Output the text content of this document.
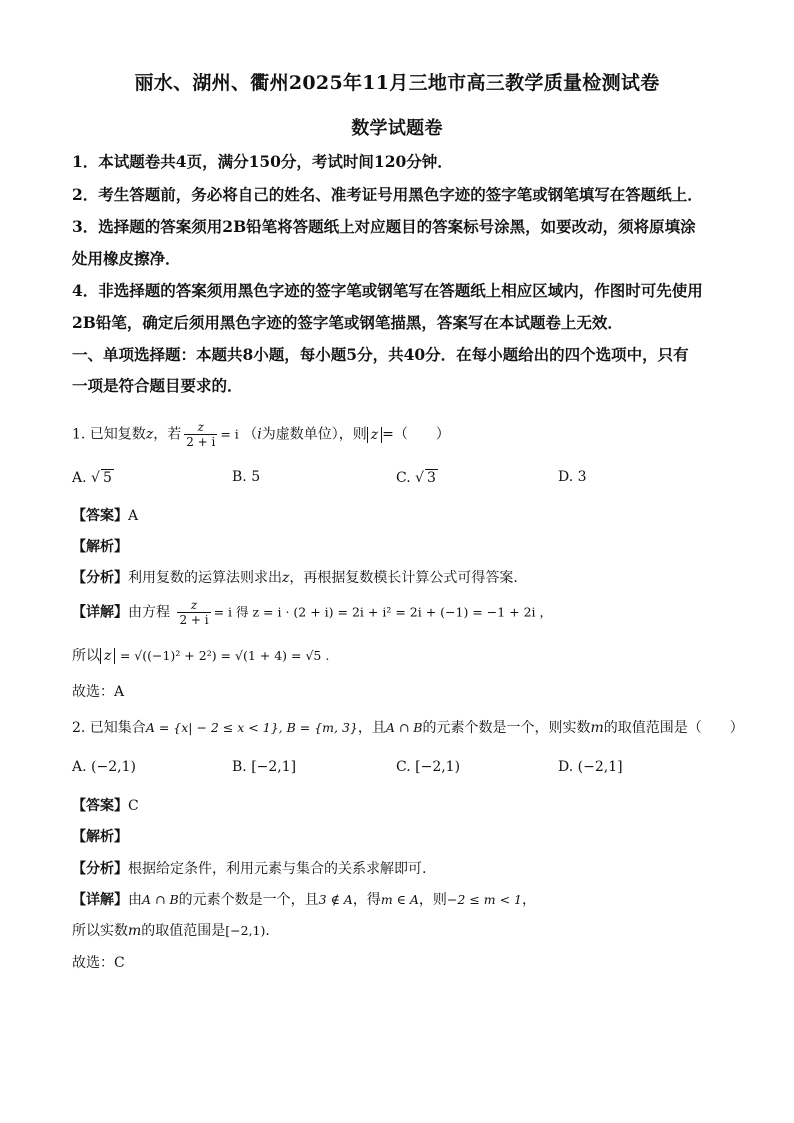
丽水、湖州、衢州2025年11月三地市高三教学质量检测试卷
数学试题卷
1．本试题卷共4页，满分150分，考试时间120分钟．
2．考生答题前，务必将自己的姓名、准考证号用黑色字迹的签字笔或钢笔填写在答题纸上．
3．选择题的答案须用2B铅笔将答题纸上对应题目的答案标号涂黑，如要改动，须将原填涂
处用橡皮擦净．
4．非选择题的答案须用黑色字迹的签字笔或钢笔写在答题纸上相应区域内，作图时可先使用
2B铅笔，确定后须用黑色字迹的签字笔或钢笔描黑，答案写在本试题卷上无效．
一、单项选择题：本题共8小题，每小题5分，共40分．在每小题给出的四个选项中，只有
一项是符合题目要求的．
1. 已知复数z，若 $\frac{z}{2 + i} = i$ （i为虚数单位），则 z =（　　）
A. √ 5	B. 5	C. √ 3	D. 3
【答案】A
【解析】
【分析】利用复数的运算法则求出z，再根据复数模长计算公式可得答案.
【详解】由方程 $\frac{z}{2 + i} = i$ 得 z = i · (2 + i) = 2i + i² = 2i + (−1) = −1 + 2i ，
所以 z = √((−1)² + 2²) = √(1 + 4) = √5 .
故选：A
2. 已知集合A = {x| − 2 ≤ x < 1}, B = {m, 3}，且A ∩ B的元素个数是一个，则实数m的取值范围是（　　）
A. (−2,1)	B. [−2,1]	C. [−2,1)	D. (−2,1]
【答案】C
【解析】
【分析】根据给定条件，利用元素与集合的关系求解即可.
【详解】由A ∩ B的元素个数是一个，且3 ∉ A，得m ∈ A，则−2 ≤ m < 1，
所以实数m的取值范围是[−2,1).
故选：C
